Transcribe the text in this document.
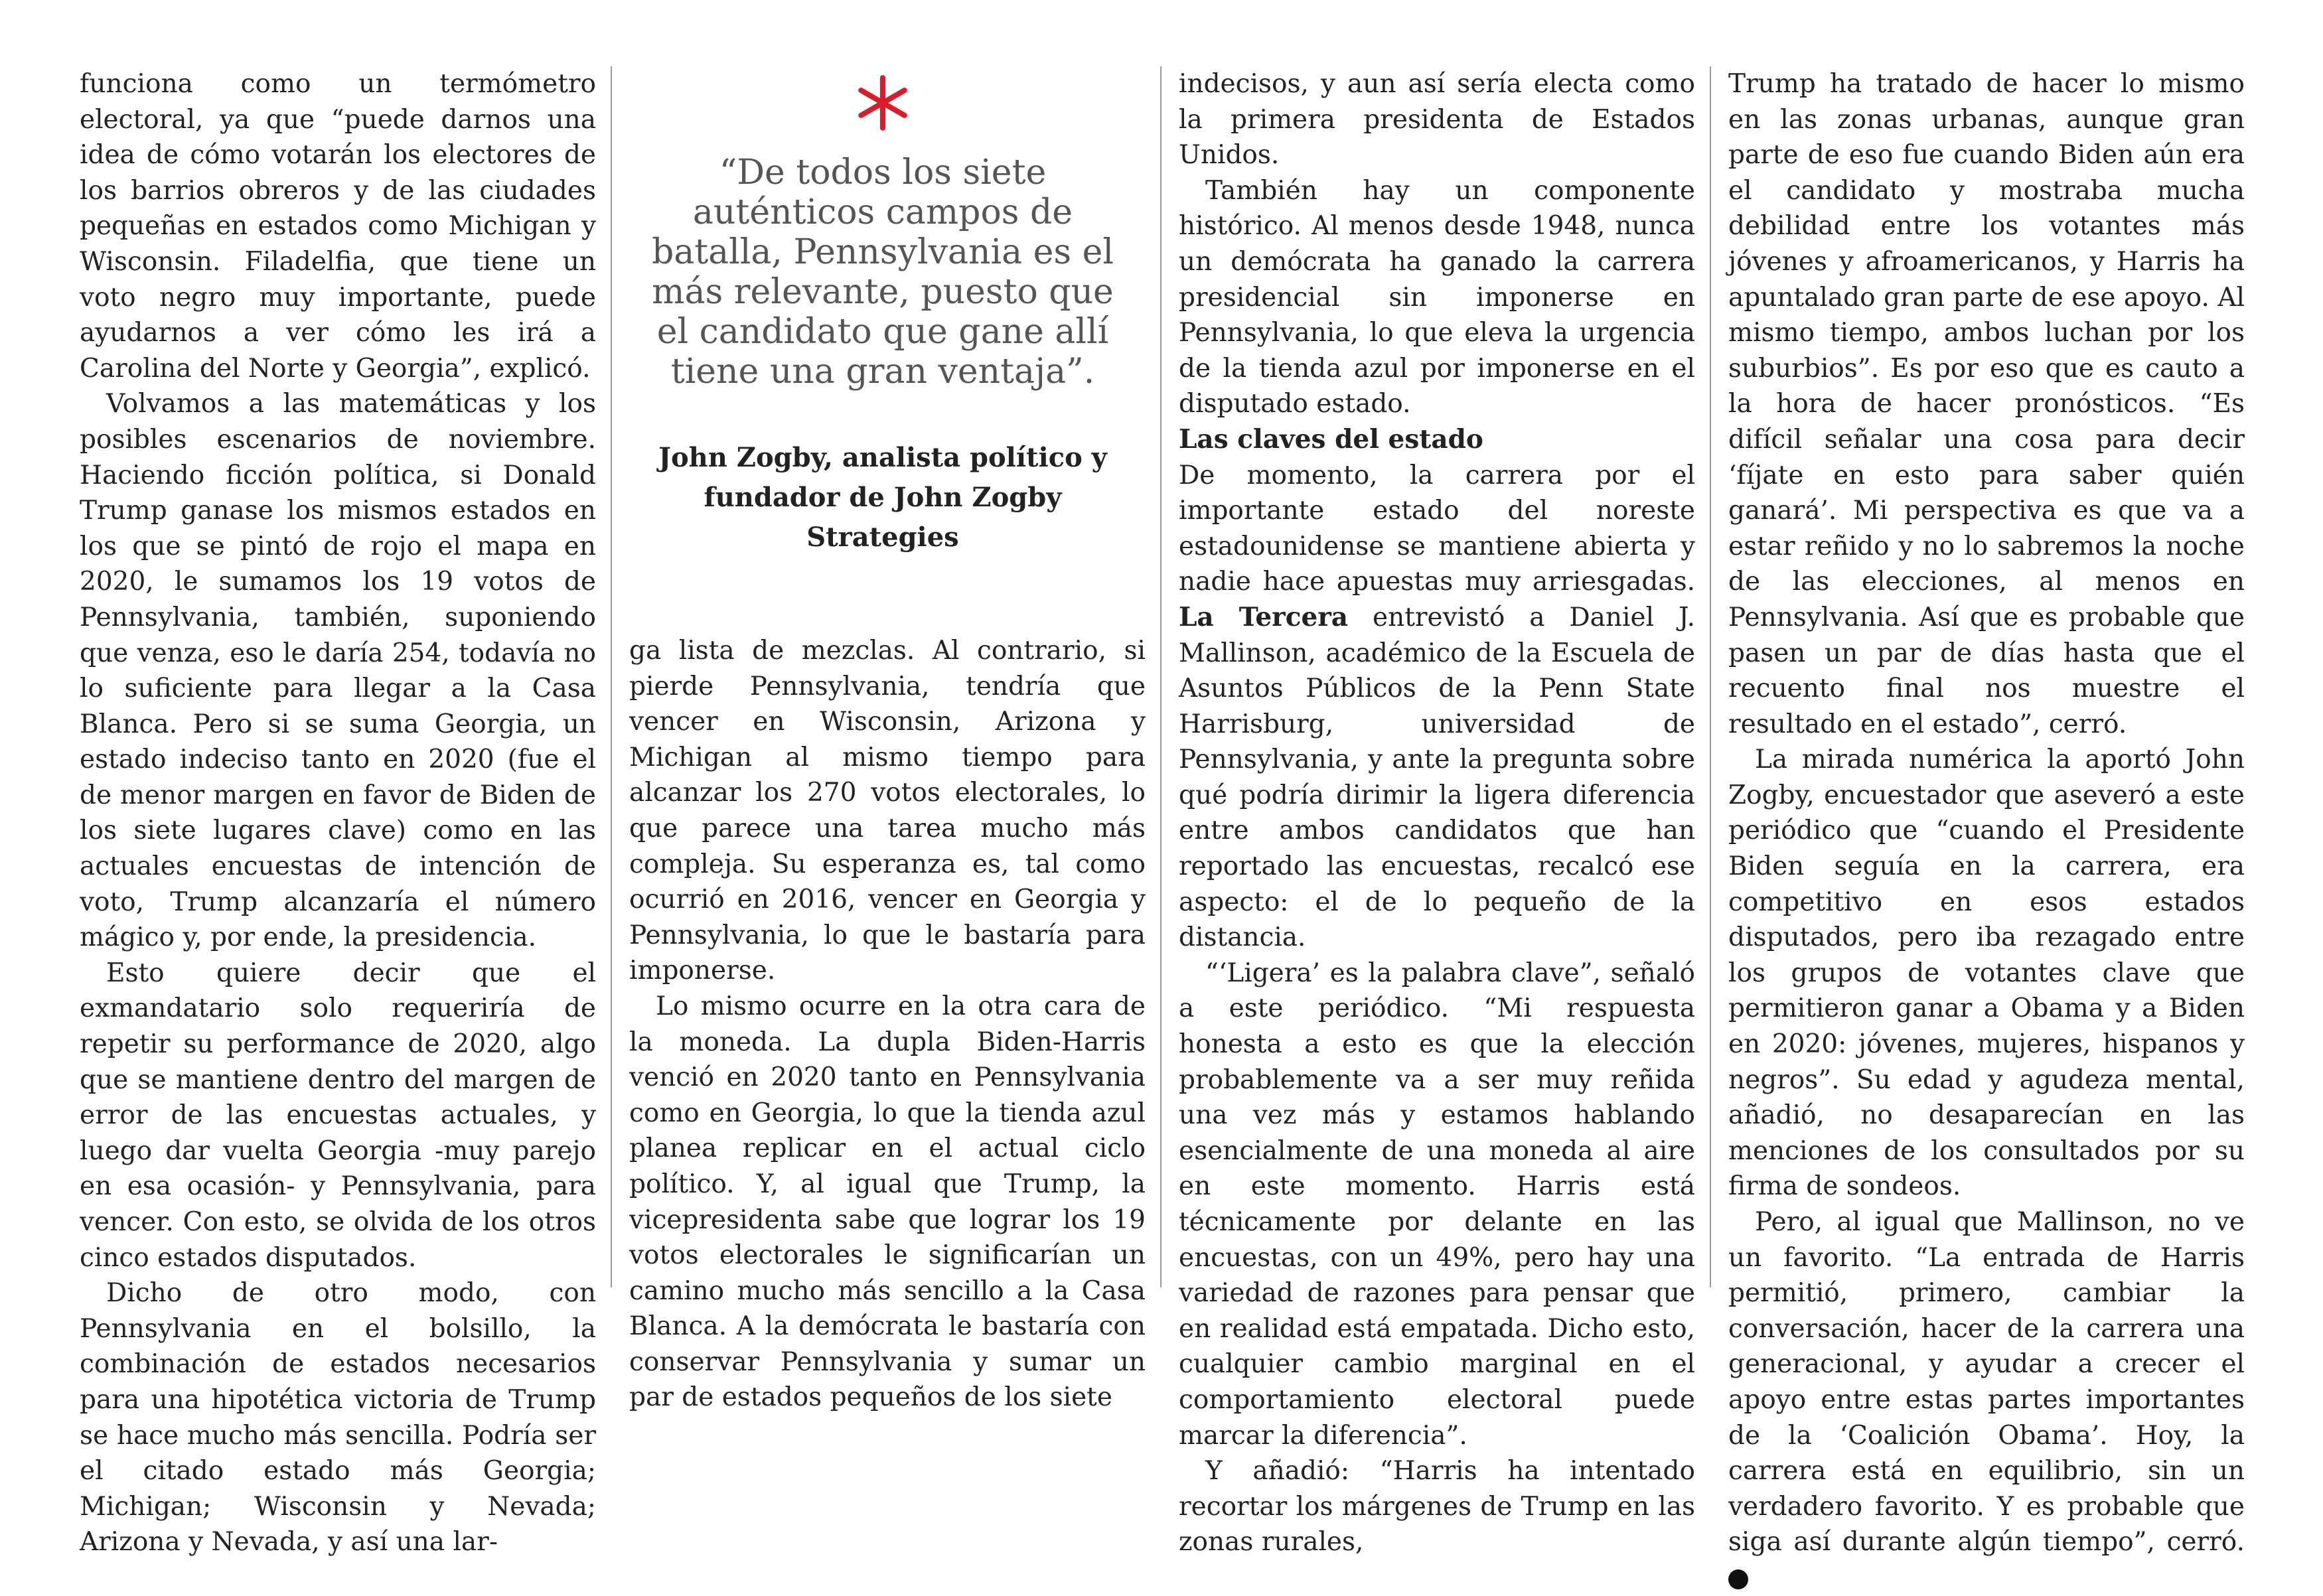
funciona como un termómetro electoral, ya que “puede darnos una idea de cómo votarán los electores de los barrios obreros y de las ciudades pequeñas en estados como Michigan y Wisconsin. Filadelfia, que tiene un voto negro muy importante, puede ayudarnos a ver cómo les irá a Carolina del Norte y Georgia”, explicó.

Volvamos a las matemáticas y los posibles escenarios de noviembre. Haciendo ficción política, si Donald Trump ganase los mismos estados en los que se pintó de rojo el mapa en 2020, le sumamos los 19 votos de Pennsylvania, también, suponiendo que venza, eso le daría 254, todavía no lo suficiente para llegar a la Casa Blanca. Pero si se suma Georgia, un estado indeciso tanto en 2020 (fue el de menor margen en favor de Biden de los siete lugares clave) como en las actuales encuestas de intención de voto, Trump alcanzaría el número mágico y, por ende, la presidencia.

Esto quiere decir que el exmandatario solo requeriría de repetir su performance de 2020, algo que se mantiene dentro del margen de error de las encuestas actuales, y luego dar vuelta Georgia -muy parejo en esa ocasión- y Pennsylvania, para vencer. Con esto, se olvida de los otros cinco estados disputados.

Dicho de otro modo, con Pennsylvania en el bolsillo, la combinación de estados necesarios para una hipotética victoria de Trump se hace mucho más sencilla. Podría ser el citado estado más Georgia; Michigan; Wisconsin y Nevada; Arizona y Nevada, y así una lar-

“De todos los siete auténticos campos de batalla, Pennsylvania es el más relevante, puesto que el candidato que gane allí tiene una gran ventaja”.

John Zogby, analista político y fundador de John Zogby Strategies

ga lista de mezclas. Al contrario, si pierde Pennsylvania, tendría que vencer en Wisconsin, Arizona y Michigan al mismo tiempo para alcanzar los 270 votos electorales, lo que parece una tarea mucho más compleja. Su esperanza es, tal como ocurrió en 2016, vencer en Georgia y Pennsylvania, lo que le bastaría para imponerse.

Lo mismo ocurre en la otra cara de la moneda. La dupla Biden-Harris venció en 2020 tanto en Pennsylvania como en Georgia, lo que la tienda azul planea replicar en el actual ciclo político. Y, al igual que Trump, la vicepresidenta sabe que lograr los 19 votos electorales le significarían un camino mucho más sencillo a la Casa Blanca. A la demócrata le bastaría con conservar Pennsylvania y sumar un par de estados pequeños de los siete

indecisos, y aun así sería electa como la primera presidenta de Estados Unidos.

También hay un componente histórico. Al menos desde 1948, nunca un demócrata ha ganado la carrera presidencial sin imponerse en Pennsylvania, lo que eleva la urgencia de la tienda azul por imponerse en el disputado estado.

Las claves del estado

De momento, la carrera por el importante estado del noreste estadounidense se mantiene abierta y nadie hace apuestas muy arriesgadas. La Tercera entrevistó a Daniel J. Mallinson, académico de la Escuela de Asuntos Públicos de la Penn State Harrisburg, universidad de Pennsylvania, y ante la pregunta sobre qué podría dirimir la ligera diferencia entre ambos candidatos que han reportado las encuestas, recalcó ese aspecto: el de lo pequeño de la distancia.

“‘Ligera’ es la palabra clave”, señaló a este periódico. “Mi respuesta honesta a esto es que la elección probablemente va a ser muy reñida una vez más y estamos hablando esencialmente de una moneda al aire en este momento. Harris está técnicamente por delante en las encuestas, con un 49%, pero hay una variedad de razones para pensar que en realidad está empatada. Dicho esto, cualquier cambio marginal en el comportamiento electoral puede marcar la diferencia”.

Y añadió: “Harris ha intentado recortar los márgenes de Trump en las zonas rurales,

Trump ha tratado de hacer lo mismo en las zonas urbanas, aunque gran parte de eso fue cuando Biden aún era el candidato y mostraba mucha debilidad entre los votantes más jóvenes y afroamericanos, y Harris ha apuntalado gran parte de ese apoyo. Al mismo tiempo, ambos luchan por los suburbios”. Es por eso que es cauto a la hora de hacer pronósticos. “Es difícil señalar una cosa para decir ‘fíjate en esto para saber quién ganará’. Mi perspectiva es que va a estar reñido y no lo sabremos la noche de las elecciones, al menos en Pennsylvania. Así que es probable que pasen un par de días hasta que el recuento final nos muestre el resultado en el estado”, cerró.

La mirada numérica la aportó John Zogby, encuestador que aseveró a este periódico que “cuando el Presidente Biden seguía en la carrera, era competitivo en esos estados disputados, pero iba rezagado entre los grupos de votantes clave que permitieron ganar a Obama y a Biden en 2020: jóvenes, mujeres, hispanos y negros”. Su edad y agudeza mental, añadió, no desaparecían en las menciones de los consultados por su firma de sondeos.

Pero, al igual que Mallinson, no ve un favorito. “La entrada de Harris permitió, primero, cambiar la conversación, hacer de la carrera una generacional, y ayudar a crecer el apoyo entre estas partes importantes de la ‘Coalición Obama’. Hoy, la carrera está en equilibrio, sin un verdadero favorito. Y es probable que siga así durante algún tiempo”, cerró. T
